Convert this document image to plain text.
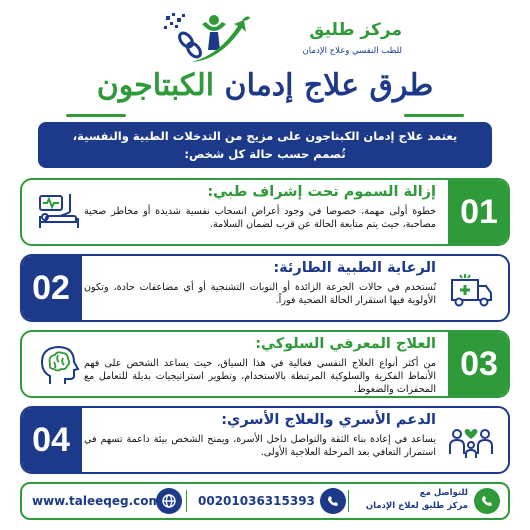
مركز طليق
للطب النفسي وعلاج الإدمان
طرق علاج إدمان الكبتاجون
يعتمد علاج إدمان الكبتاجون على مزيج من التدخلات الطبية والنفسية،
تُصمم حسب حالة كل شخص:
01
إزالة السموم تحت إشراف طبي:
خطوة أولى مهمة، خصوصا في وجود أعراض انسحاب نفسية شديدة أو مخاطر صحية مصاحبة، حيث يتم متابعة الحالة عن قرب لضمان السلامة.
02
الرعاية الطبية الطارئة:
تُستخدم في حالات الجرعة الزائدة أو النوبات التشنجية أو أي مضاعفات حادة، وتكون الأولوية فيها استقرار الحالة الصحية فوراً.
03
العلاج المعرفي السلوكي:
من أكثر أنواع العلاج النفسي فعالية في هذا السياق، حيث يساعد الشخص على فهم الأنماط الفكرية والسلوكية المرتبطة بالاستخدام، وتطوير استراتيجيات بديلة للتعامل مع المحفزات والضغوط.
04
الدعم الأسري والعلاج الأسري:
يساعد في إعادة بناء الثقة والتواصل داخل الأسرة، ويمنح الشخص بيئة داعمة تسهم في استمرار التعافي بعد المرحلة العلاجية الأولى.
للتواصل مع
مركز طليق لعلاج الإدمان
00201036315393
www.taleeqeg.com
